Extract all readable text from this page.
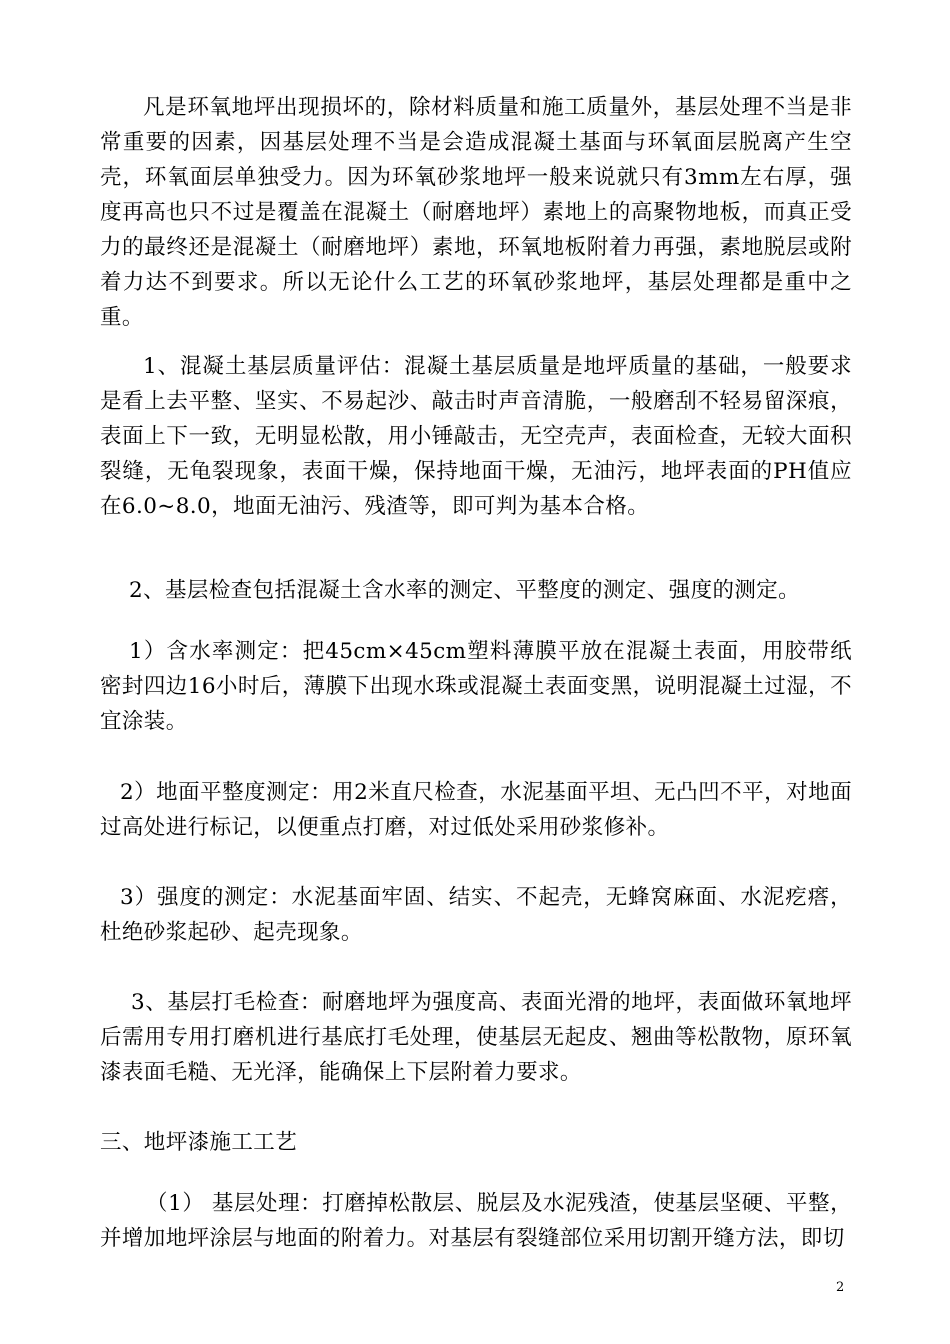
凡是环氧地坪出现损坏的，除材料质量和施工质量外，基层处理不当是非常重要的因素，因基层处理不当是会造成混凝土基面与环氧面层脱离产生空壳，环氧面层单独受力。因为环氧砂浆地坪一般来说就只有3mm左右厚，强度再高也只不过是覆盖在混凝土（耐磨地坪）素地上的高聚物地板，而真正受力的最终还是混凝土（耐磨地坪）素地，环氧地板附着力再强，素地脱层或附着力达不到要求。所以无论什么工艺的环氧砂浆地坪，基层处理都是重中之重。

1、混凝土基层质量评估：混凝土基层质量是地坪质量的基础，一般要求是看上去平整、坚实、不易起沙、敲击时声音清脆，一般磨刮不轻易留深痕，表面上下一致，无明显松散，用小锤敲击，无空壳声，表面检查，无较大面积裂缝，无龟裂现象，表面干燥，保持地面干燥，无油污，地坪表面的PH值应在6.0~8.0，地面无油污、残渣等，即可判为基本合格。

2、基层检查包括混凝土含水率的测定、平整度的测定、强度的测定。

1）含水率测定：把45cm×45cm塑料薄膜平放在混凝土表面，用胶带纸密封四边16小时后，薄膜下出现水珠或混凝土表面变黑，说明混凝土过湿，不宜涂装。

2）地面平整度测定：用2米直尺检查，水泥基面平坦、无凸凹不平，对地面过高处进行标记，以便重点打磨，对过低处采用砂浆修补。

3）强度的测定：水泥基面牢固、结实、不起壳，无蜂窝麻面、水泥疙瘩，杜绝砂浆起砂、起壳现象。

3、基层打毛检查：耐磨地坪为强度高、表面光滑的地坪，表面做环氧地坪后需用专用打磨机进行基底打毛处理，使基层无起皮、翘曲等松散物，原环氧漆表面毛糙、无光泽，能确保上下层附着力要求。

三、地坪漆施工工艺

（1） 基层处理：打磨掉松散层、脱层及水泥残渣，使基层坚硬、平整，并增加地坪涂层与地面的附着力。对基层有裂缝部位采用切割开缝方法，即切

2
